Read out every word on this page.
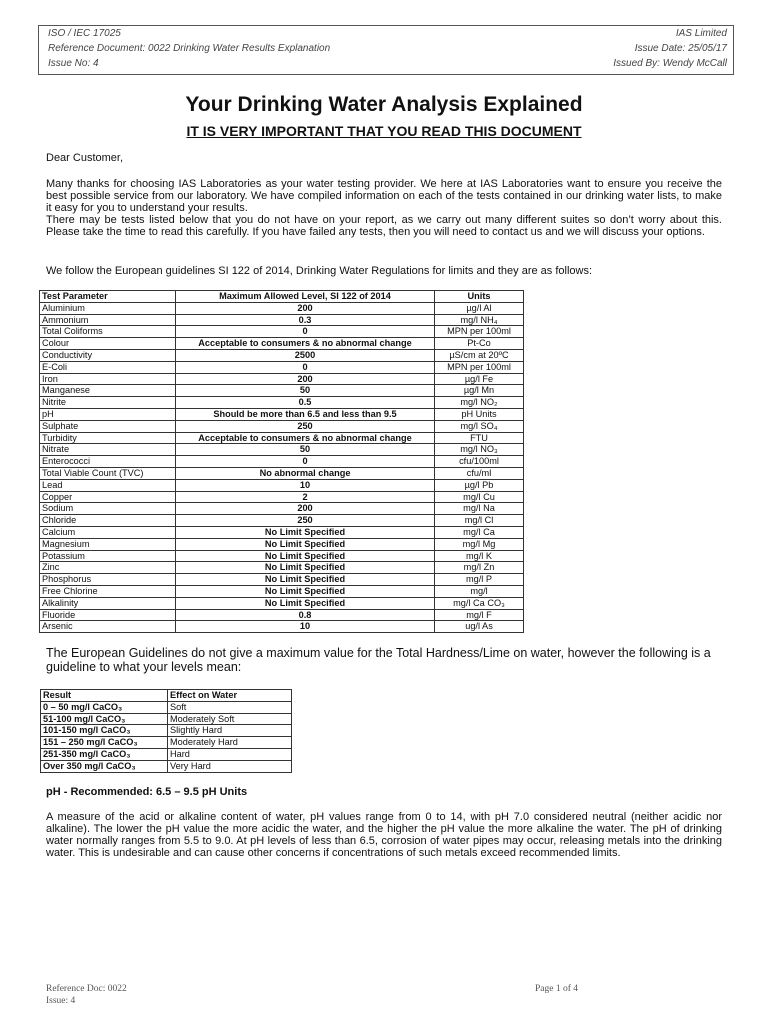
ISO / IEC 17025	IAS Limited
Reference Document: 0022 Drinking Water Results Explanation	Issue Date: 25/05/17
Issue No: 4	Issued By: Wendy McCall
Your Drinking Water Analysis Explained
IT IS VERY IMPORTANT THAT YOU READ THIS DOCUMENT
Dear Customer,
Many thanks for choosing IAS Laboratories as your water testing provider. We here at IAS Laboratories want to ensure you receive the best possible service from our laboratory. We have compiled information on each of the tests contained in our drinking water lists, to make it easy for you to understand your results.
There may be tests listed below that you do not have on your report, as we carry out many different suites so don’t worry about this. Please take the time to read this carefully. If you have failed any tests, then you will need to contact us and we will discuss your options.
We follow the European guidelines SI 122 of 2014, Drinking Water Regulations for limits and they are as follows:
Test Parameter	Maximum Allowed Level, SI 122 of 2014	Units
Aluminium	200	µg/l Al
Ammonium	0.3	mg/l NH₄
Total Coliforms	0	MPN per 100ml
Colour	Acceptable to consumers & no abnormal change	Pt-Co
Conductivity	2500	µS/cm at 20ºC
E-Coli	0	MPN per 100ml
Iron	200	µg/l Fe
Manganese	50	µg/l Mn
Nitrite	0.5	mg/l NO₂
pH	Should be more than 6.5 and less than 9.5	pH Units
Sulphate	250	mg/l SO₄
Turbidity	Acceptable to consumers & no abnormal change	FTU
Nitrate	50	mg/l NO₃
Enterococci	0	cfu/100ml
Total Viable Count (TVC)	No abnormal change	cfu/ml
Lead	10	µg/l Pb
Copper	2	mg/l Cu
Sodium	200	mg/l Na
Chloride	250	mg/l Cl
Calcium	No Limit Specified	mg/l Ca
Magnesium	No Limit Specified	mg/l Mg
Potassium	No Limit Specified	mg/l K
Zinc	No Limit Specified	mg/l Zn
Phosphorus	No Limit Specified	mg/l P
Free Chlorine	No Limit Specified	mg/l
Alkalinity	No Limit Specified	mg/l Ca CO₃
Fluoride	0.8	mg/l F
Arsenic	10	ug/l As
The European Guidelines do not give a maximum value for the Total Hardness/Lime on water, however the following is a guideline to what your levels mean:
Result	Effect on Water
0 – 50 mg/l CaCO₃	Soft
51-100 mg/l CaCO₃	Moderately Soft
101-150 mg/l CaCO₃	Slightly Hard
151 – 250 mg/l CaCO₃	Moderately Hard
251-350 mg/l CaCO₃	Hard
Over 350 mg/l CaCO₃	Very Hard
pH - Recommended: 6.5 – 9.5 pH Units
A measure of the acid or alkaline content of water, pH values range from 0 to 14, with pH 7.0 considered neutral (neither acidic nor alkaline). The lower the pH value the more acidic the water, and the higher the pH value the more alkaline the water. The pH of drinking water normally ranges from 5.5 to 9.0. At pH levels of less than 6.5, corrosion of water pipes may occur, releasing metals into the drinking water. This is undesirable and can cause other concerns if concentrations of such metals exceed recommended limits.
Reference Doc: 0022
Issue: 4
Page 1 of 4
